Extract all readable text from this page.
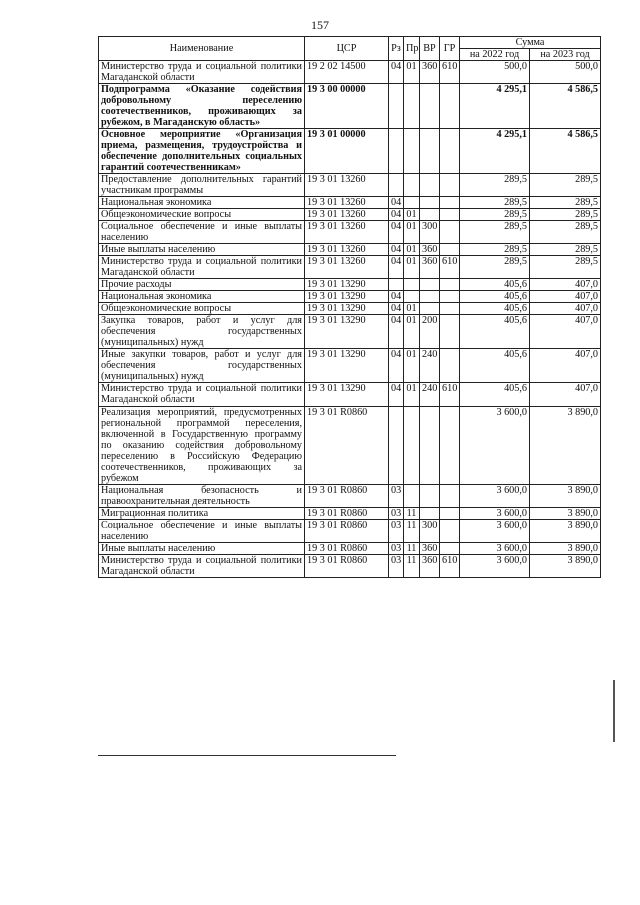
157
Наименование	ЦСР	Рз	Пр	ВР	ГР	Сумма	
						на 2022 год	на 2023 год
Министерство труда и социальной политики Магаданской области	19 2 02 14500	04	01	360	610	500,0	500,0
Подпрограмма «Оказание содействия добровольному переселению соотечественников, проживающих за рубежом, в Магаданскую область»	19 3 00 00000					4 295,1	4 586,5
Основное мероприятие «Организация приема, размещения, трудоустройства и обеспечение дополнительных социальных гарантий соотечественникам»	19 3 01 00000					4 295,1	4 586,5
Предоставление дополнительных гарантий участникам программы	19 3 01 13260					289,5	289,5
Национальная экономика	19 3 01 13260	04				289,5	289,5
Общеэкономические вопросы	19 3 01 13260	04	01			289,5	289,5
Социальное обеспечение и иные выплаты населению	19 3 01 13260	04	01	300		289,5	289,5
Иные выплаты населению	19 3 01 13260	04	01	360		289,5	289,5
Министерство труда и социальной политики Магаданской области	19 3 01 13260	04	01	360	610	289,5	289,5
Прочие расходы	19 3 01 13290					405,6	407,0
Национальная экономика	19 3 01 13290	04				405,6	407,0
Общеэкономические вопросы	19 3 01 13290	04	01			405,6	407,0
Закупка товаров, работ и услуг для обеспечения государственных (муниципальных) нужд	19 3 01 13290	04	01	200		405,6	407,0
Иные закупки товаров, работ и услуг для обеспечения государственных (муниципальных) нужд	19 3 01 13290	04	01	240		405,6	407,0
Министерство труда и социальной политики Магаданской области	19 3 01 13290	04	01	240	610	405,6	407,0
Реализация мероприятий, предусмотренных региональной программой переселения, включенной в Государственную программу по оказанию содействия добровольному переселению в Российскую Федерацию соотечественников, проживающих за рубежом	19 3 01 R0860					3 600,0	3 890,0
Национальная безопасность и правоохранительная деятельность	19 3 01 R0860	03				3 600,0	3 890,0
Миграционная политика	19 3 01 R0860	03	11			3 600,0	3 890,0
Социальное обеспечение и иные выплаты населению	19 3 01 R0860	03	11	300		3 600,0	3 890,0
Иные выплаты населению	19 3 01 R0860	03	11	360		3 600,0	3 890,0
Министерство труда и социальной политики Магаданской области	19 3 01 R0860	03	11	360	610	3 600,0	3 890,0
